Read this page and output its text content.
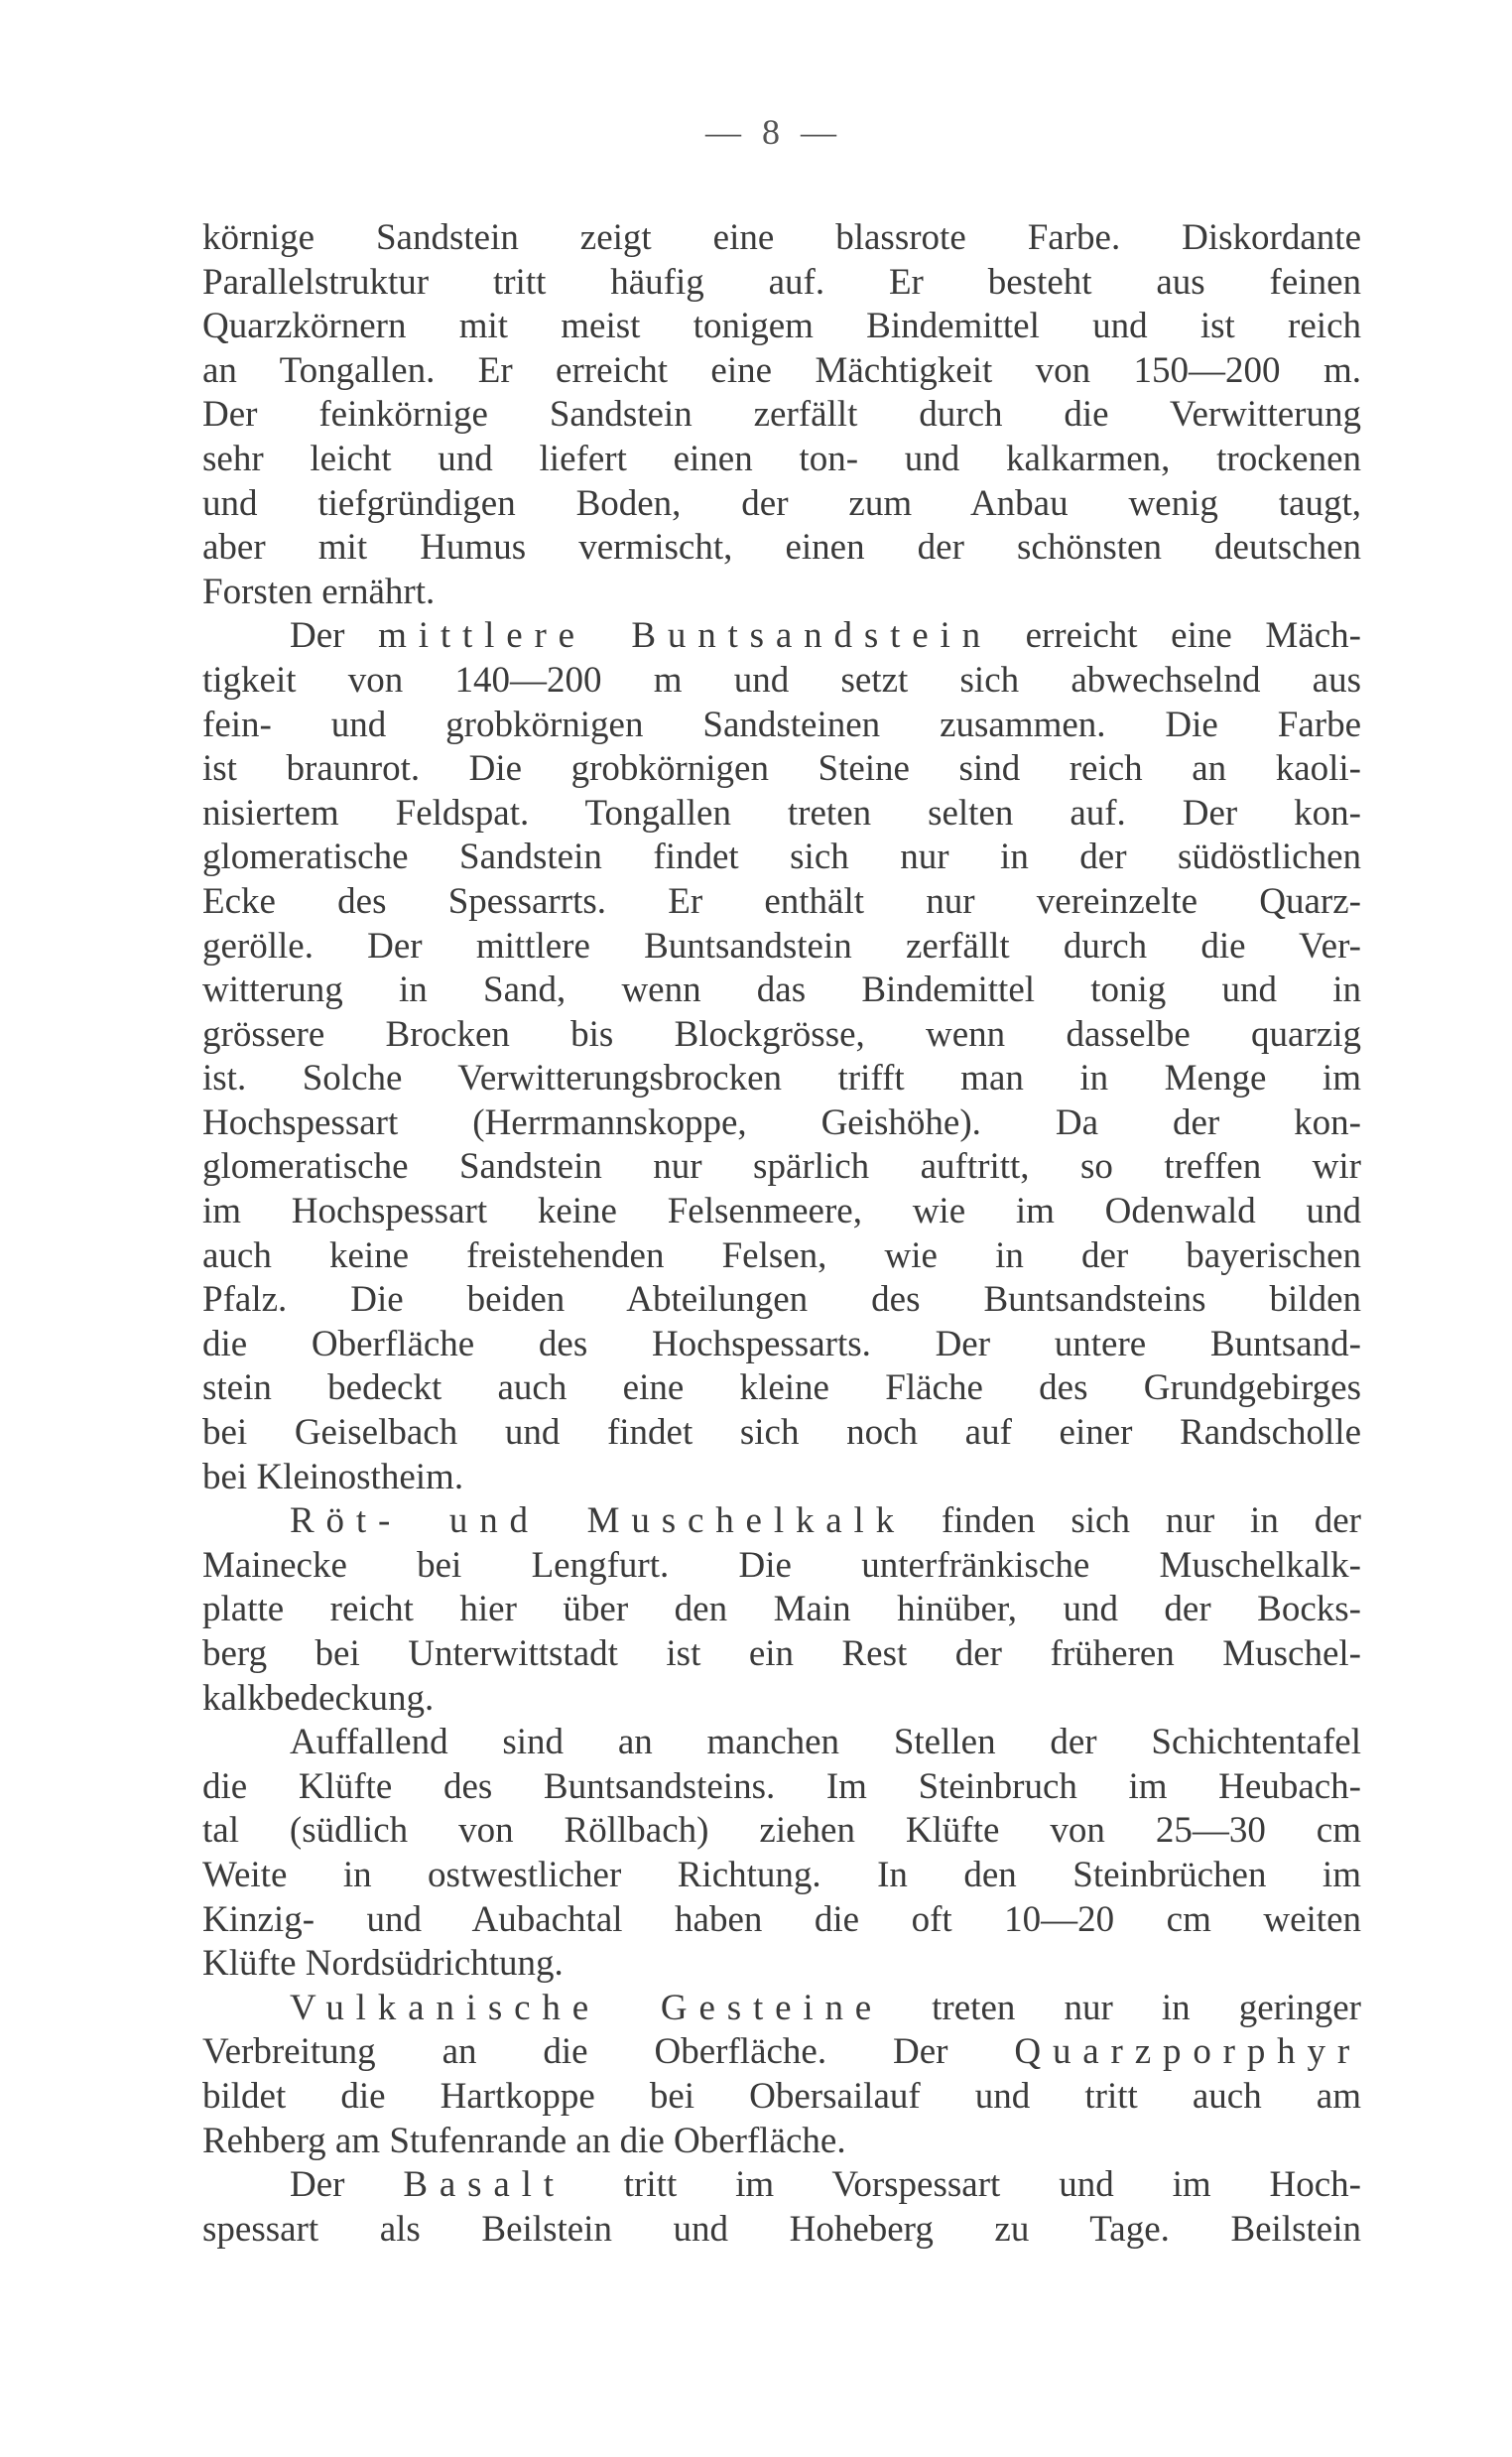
— 8 —
körnige Sandstein zeigt eine blassrote Farbe. Diskordante
Parallelstruktur tritt häufig auf. Er besteht aus feinen
Quarzkörnern mit meist tonigem Bindemittel und ist reich
an Tongallen. Er erreicht eine Mächtigkeit von 150—200 m.
Der feinkörnige Sandstein zerfällt durch die Verwitterung
sehr leicht und liefert einen ton- und kalkarmen, trockenen
und tiefgründigen Boden, der zum Anbau wenig taugt,
aber mit Humus vermischt, einen der schönsten deutschen
Forsten ernährt.
Der mittlere Buntsandstein erreicht eine Mäch-
tigkeit von 140—200 m und setzt sich abwechselnd aus
fein- und grobkörnigen Sandsteinen zusammen. Die Farbe
ist braunrot. Die grobkörnigen Steine sind reich an kaoli-
nisiertem Feldspat. Tongallen treten selten auf. Der kon-
glomeratische Sandstein findet sich nur in der südöstlichen
Ecke des Spessarrts. Er enthält nur vereinzelte Quarz-
gerölle. Der mittlere Buntsandstein zerfällt durch die Ver-
witterung in Sand, wenn das Bindemittel tonig und in
grössere Brocken bis Blockgrösse, wenn dasselbe quarzig
ist. Solche Verwitterungsbrocken trifft man in Menge im
Hochspessart (Herrmannskoppe, Geishöhe). Da der kon-
glomeratische Sandstein nur spärlich auftritt, so treffen wir
im Hochspessart keine Felsenmeere, wie im Odenwald und
auch keine freistehenden Felsen, wie in der bayerischen
Pfalz. Die beiden Abteilungen des Buntsandsteins bilden
die Oberfläche des Hochspessarts. Der untere Buntsand-
stein bedeckt auch eine kleine Fläche des Grundgebirges
bei Geiselbach und findet sich noch auf einer Randscholle
bei Kleinostheim.
Röt- und Muschelkalk finden sich nur in der
Mainecke bei Lengfurt. Die unterfränkische Muschelkalk-
platte reicht hier über den Main hinüber, und der Bocks-
berg bei Unterwittstadt ist ein Rest der früheren Muschel-
kalkbedeckung.
Auffallend sind an manchen Stellen der Schichtentafel
die Klüfte des Buntsandsteins. Im Steinbruch im Heubach-
tal (südlich von Röllbach) ziehen Klüfte von 25—30 cm
Weite in ostwestlicher Richtung. In den Steinbrüchen im
Kinzig- und Aubachtal haben die oft 10—20 cm weiten
Klüfte Nordsüdrichtung.
Vulkanische Gesteine treten nur in geringer
Verbreitung an die Oberfläche. Der Quarzporphyr
bildet die Hartkoppe bei Obersailauf und tritt auch am
Rehberg am Stufenrande an die Oberfläche.
Der Basalt tritt im Vorspessart und im Hoch-
spessart als Beilstein und Hoheberg zu Tage. Beilstein
